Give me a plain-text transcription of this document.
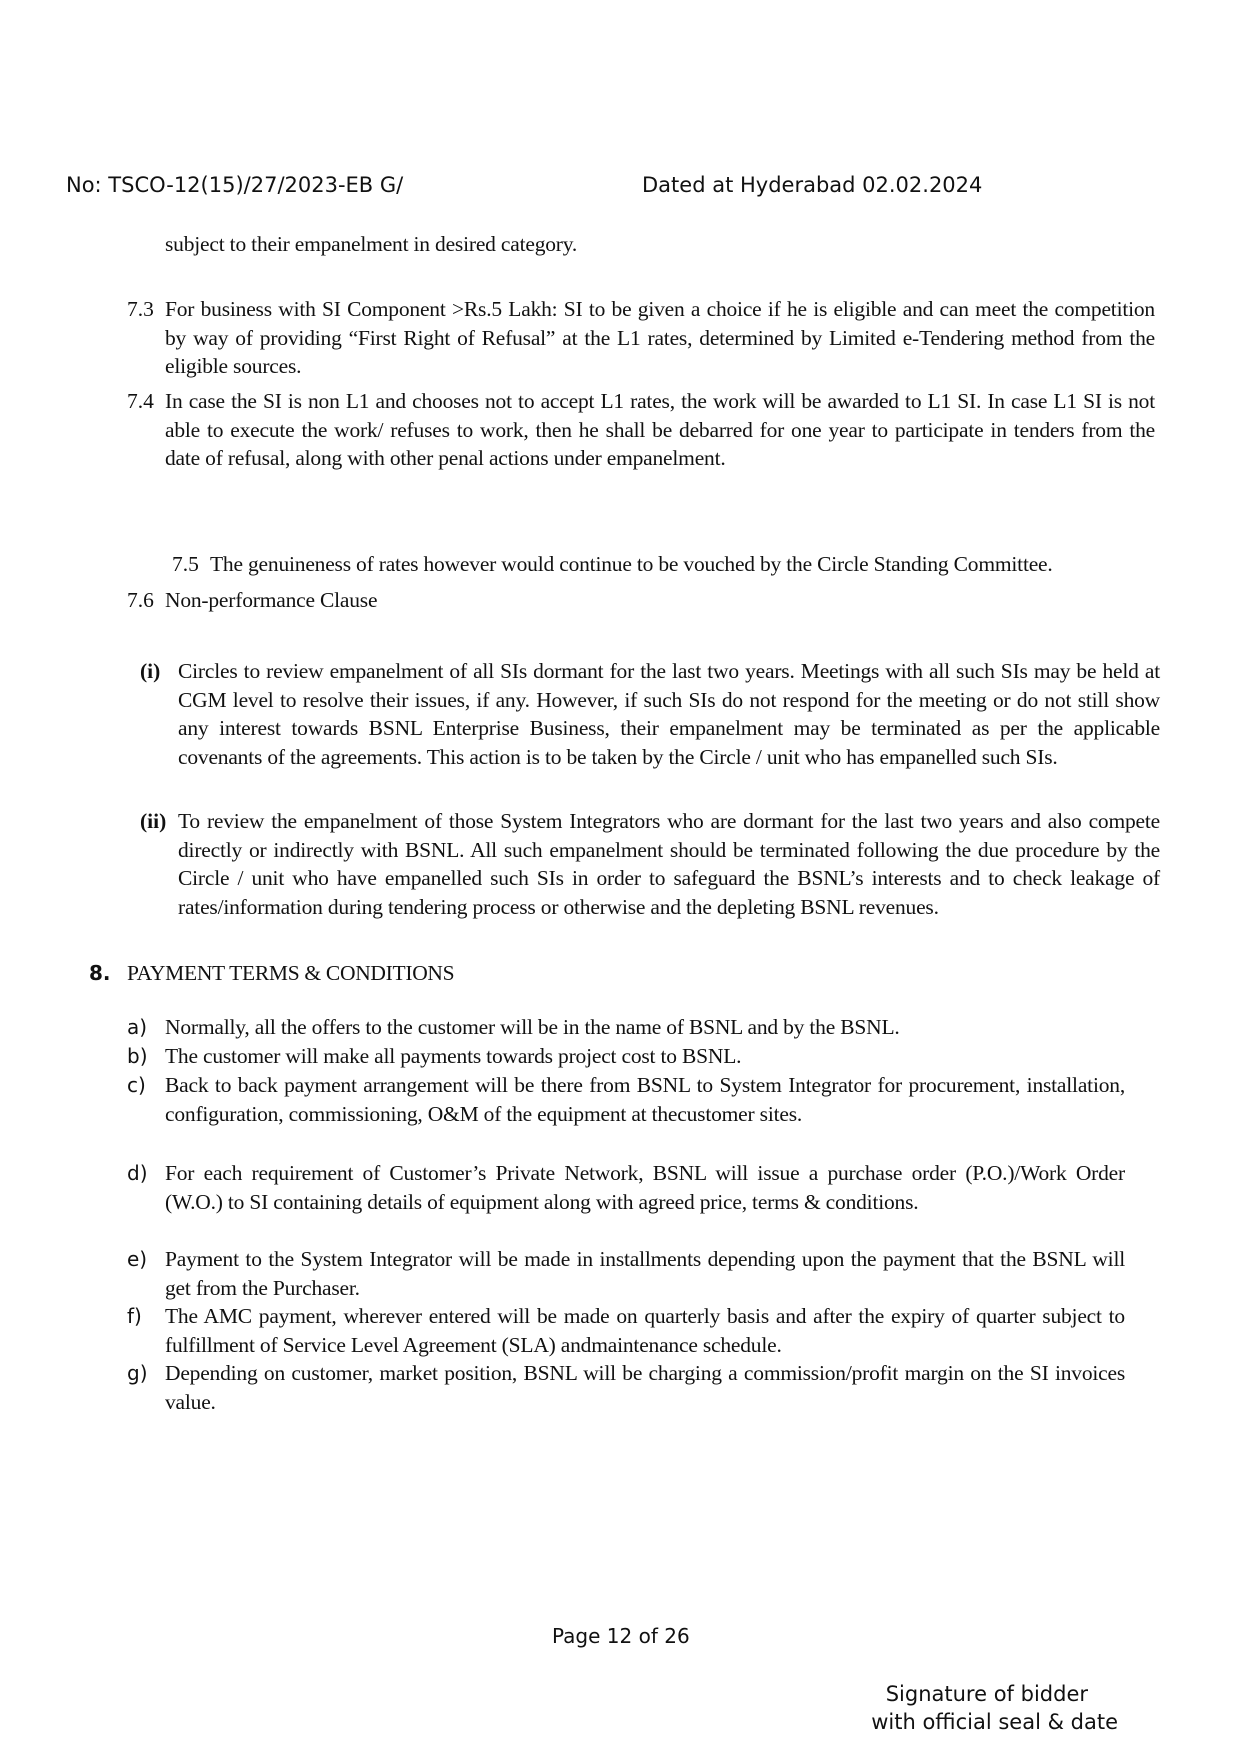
No: TSCO-12(15)/27/2023-EB G/	Dated at Hyderabad 02.02.2024
subject to their empanelment in desired category.
7.3 For business with SI Component >Rs.5 Lakh: SI to be given a choice if he is eligible and can meet the competition by way of providing “First Right of Refusal” at the L1 rates, determined by Limited e-Tendering method from the eligible sources.
7.4 In case the SI is non L1 and chooses not to accept L1 rates, the work will be awarded to L1 SI. In case L1 SI is not able to execute the work/ refuses to work, then he shall be debarred for one year to participate in tenders from the date of refusal, along with other penal actions under empanelment.
7.5 The genuineness of rates however would continue to be vouched by the Circle Standing Committee.
7.6 Non-performance Clause
(i) Circles to review empanelment of all SIs dormant for the last two years. Meetings with all such SIs may be held at CGM level to resolve their issues, if any. However, if such SIs do not respond for the meeting or do not still show any interest towards BSNL Enterprise Business, their empanelment may be terminated as per the applicable covenants of the agreements. This action is to be taken by the Circle / unit who has empanelled such SIs.
(ii) To review the empanelment of those System Integrators who are dormant for the last two years and also compete directly or indirectly with BSNL. All such empanelment should be terminated following the due procedure by the Circle / unit who have empanelled such SIs in order to safeguard the BSNL’s interests and to check leakage of rates/information during tendering process or otherwise and the depleting BSNL revenues.
8. PAYMENT TERMS & CONDITIONS
a) Normally, all the offers to the customer will be in the name of BSNL and by the BSNL.
b) The customer will make all payments towards project cost to BSNL.
c) Back to back payment arrangement will be there from BSNL to System Integrator for procurement, installation, configuration, commissioning, O&M of the equipment at thecustomer sites.
d) For each requirement of Customer’s Private Network, BSNL will issue a purchase order (P.O.)/Work Order (W.O.) to SI containing details of equipment along with agreed price, terms & conditions.
e) Payment to the System Integrator will be made in installments depending upon the payment that the BSNL will get from the Purchaser.
f) The AMC payment, wherever entered will be made on quarterly basis and after the expiry of quarter subject to fulfillment of Service Level Agreement (SLA) andmaintenance schedule.
g) Depending on customer, market position, BSNL will be charging a commission/profit margin on the SI invoices value.
Page 12 of 26
Signature of bidder
with official seal & date
